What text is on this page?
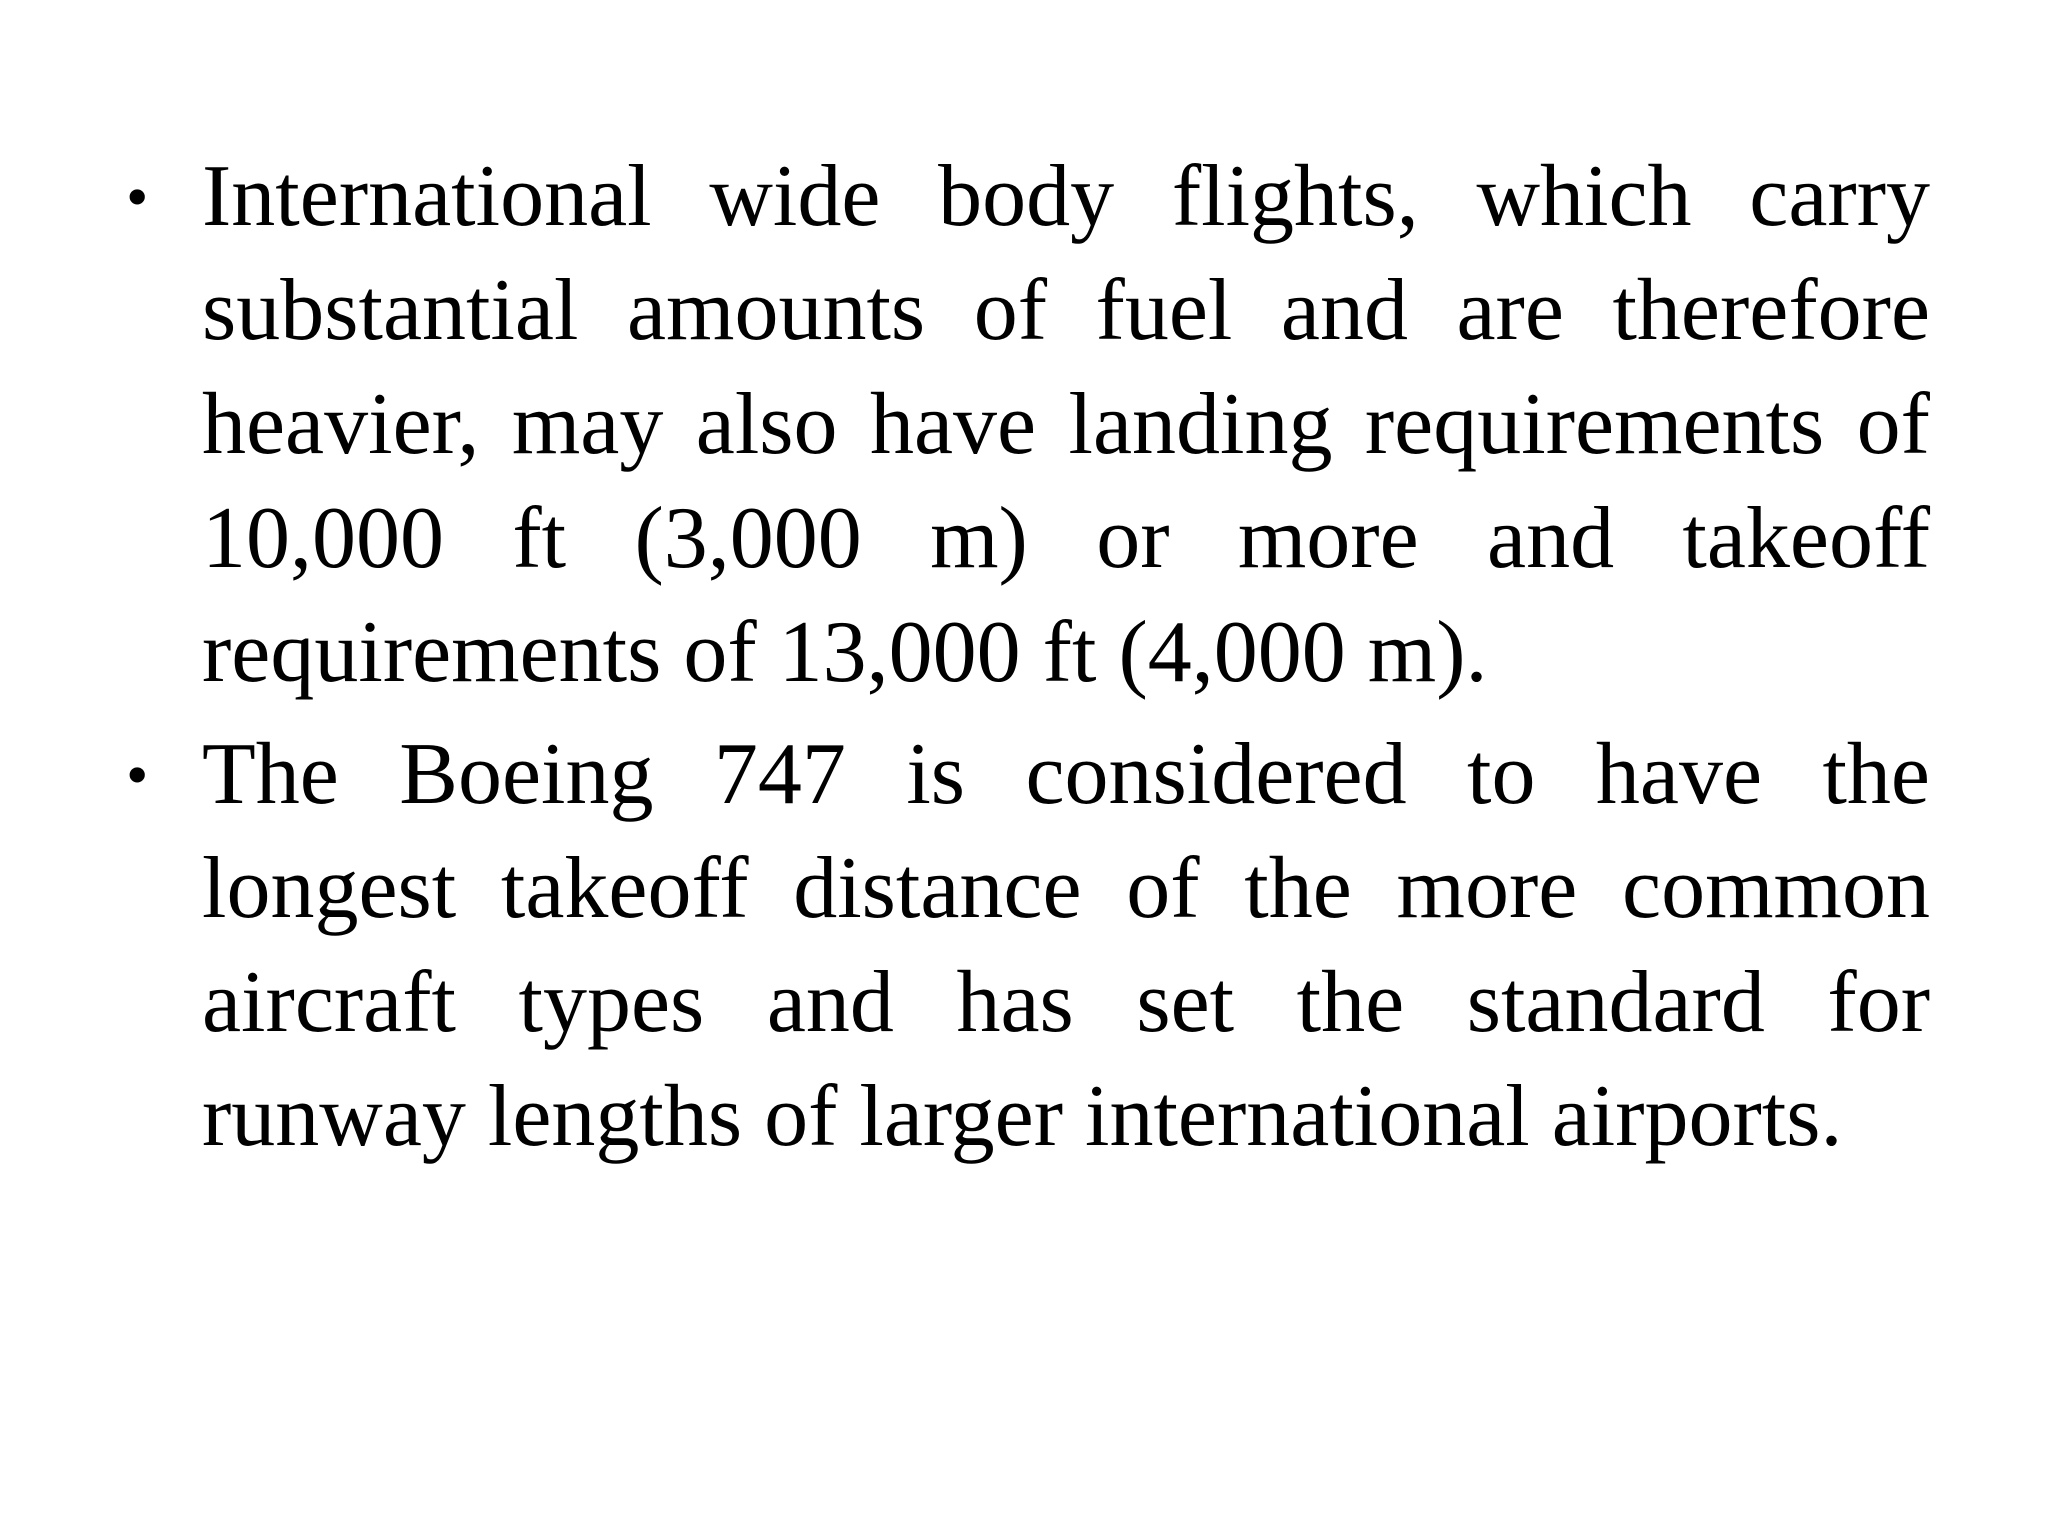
• International wide body flights, which carry substantial amounts of fuel and are therefore heavier, may also have landing requirements of 10,000 ft (3,000 m) or more and takeoff requirements of 13,000 ft (4,000 m).

• The Boeing 747 is considered to have the longest takeoff distance of the more common aircraft types and has set the standard for runway lengths of larger international airports.
